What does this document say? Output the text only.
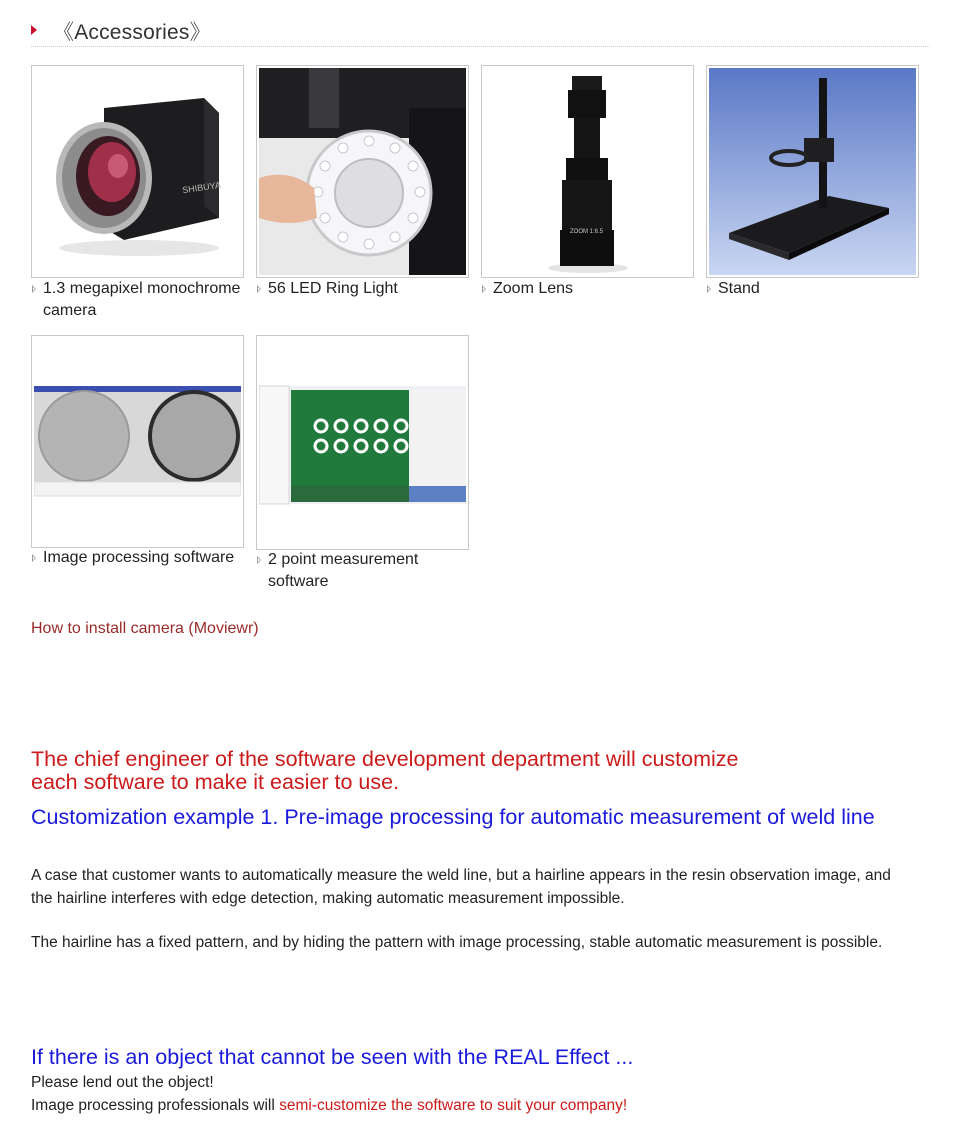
《Accessories》
SHIBUYA
1.3 megapixel monochrome camera
56 LED Ring Light
ZOOM 1:6.5
Zoom Lens	Stand
Image processing software	2 point measurement software
How to install camera (Moviewr)
The chief engineer of the software development department will customize each software to make it easier to use.
Customization example 1. Pre-image processing for automatic measurement of weld line

A case that customer wants to automatically measure the weld line, but a hairline appears in the resin observation image, and the hairline interferes with edge detection, making automatic measurement impossible.

The hairline has a fixed pattern, and by hiding the pattern with image processing, stable automatic measurement is possible.

If there is an object that cannot be seen with the REAL Effect ...

Please lend out the object!

Image processing professionals will semi-customize the software to suit your company!
